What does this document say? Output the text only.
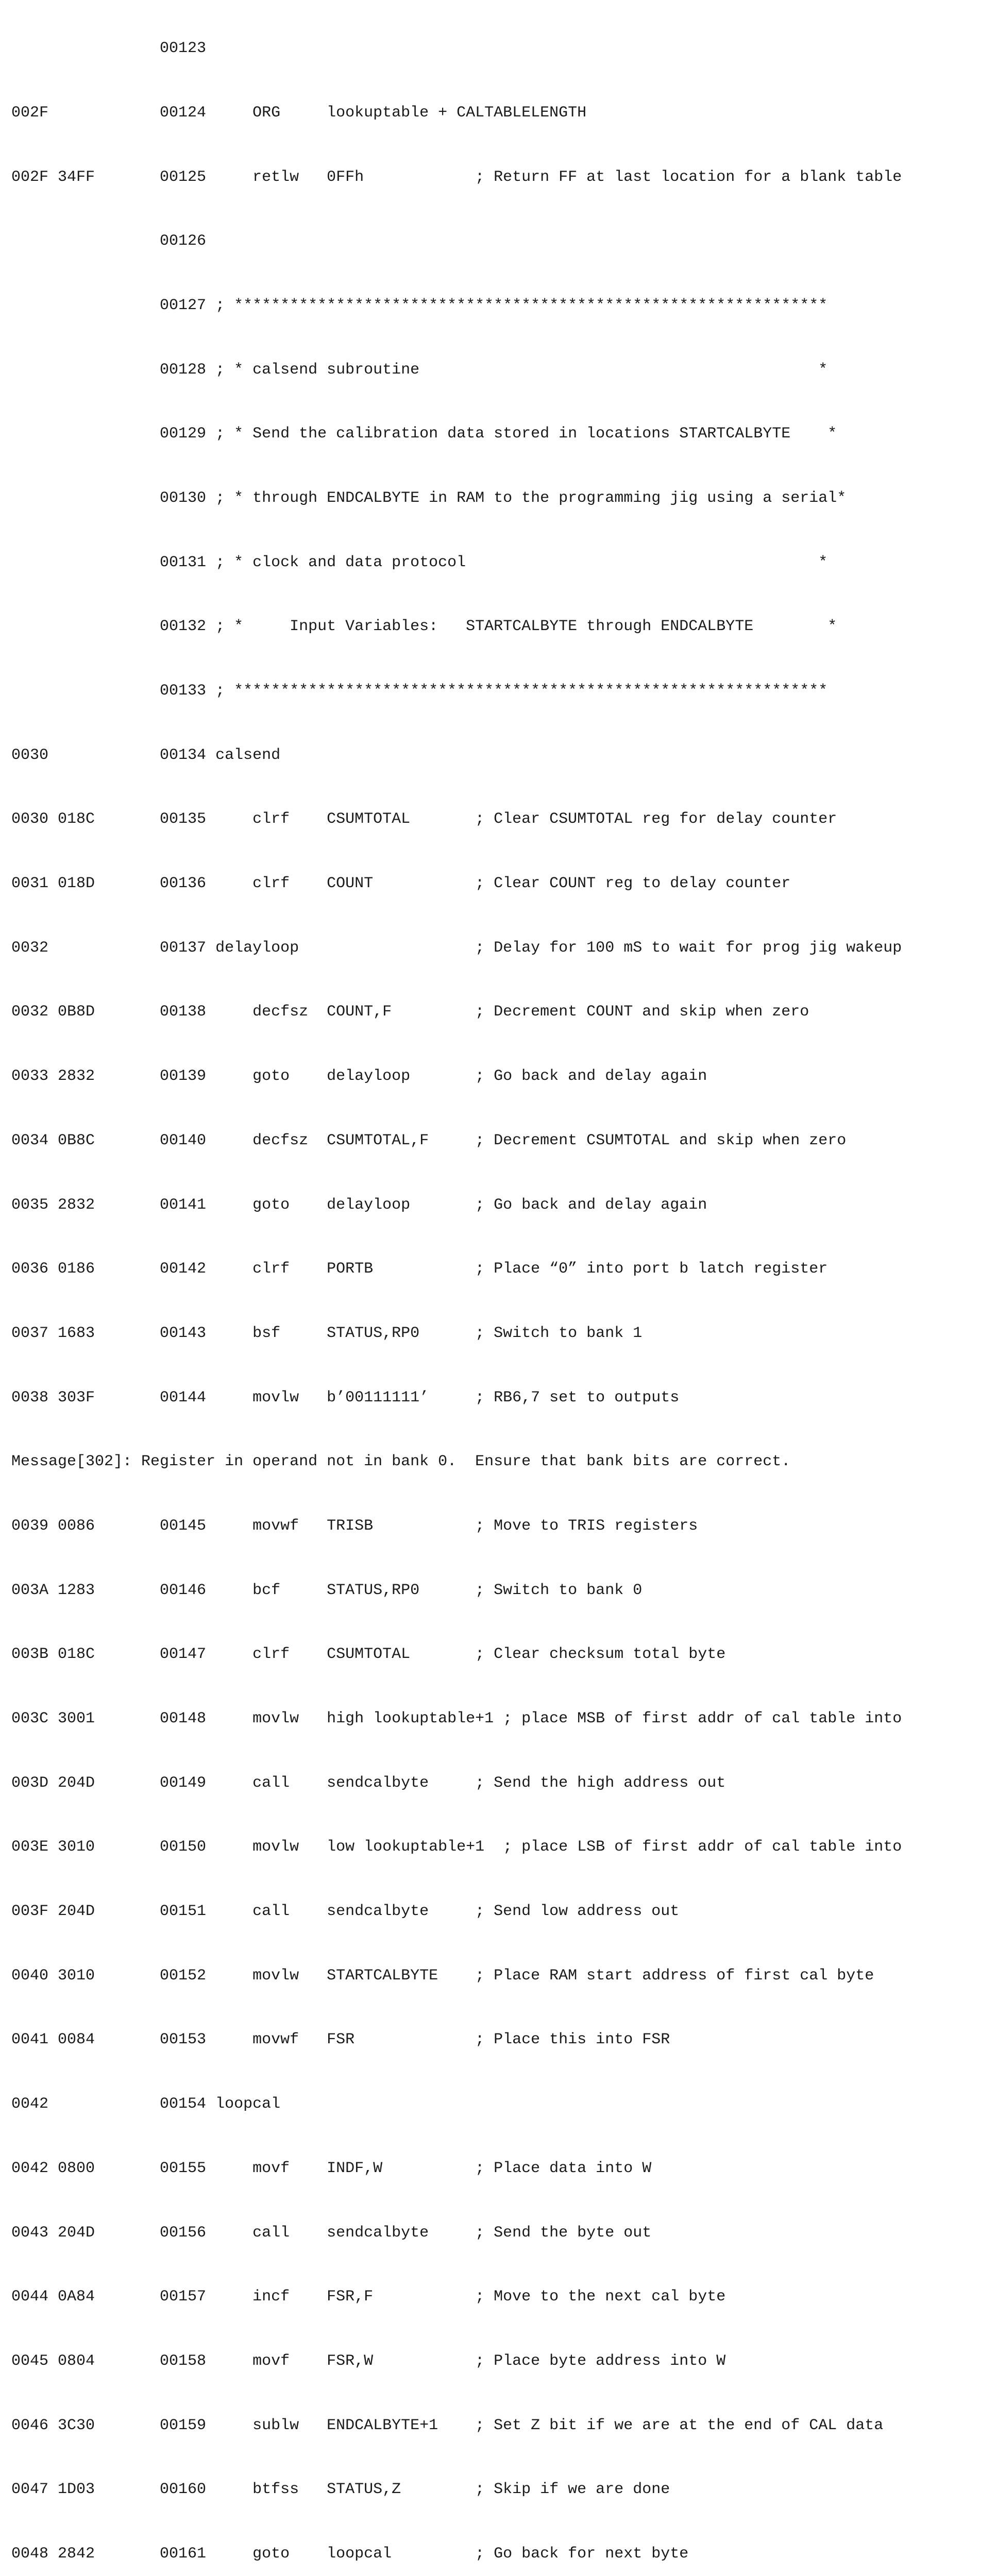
00123

002F            00124     ORG     lookuptable + CALTABLELENGTH

002F 34FF       00125     retlw   0FFh            ; Return FF at last location for a blank table

00126

00127 ; ****************************************************************

00128 ; * calsend subroutine                                           *

00129 ; * Send the calibration data stored in locations STARTCALBYTE    *

00130 ; * through ENDCALBYTE in RAM to the programming jig using a serial*

00131 ; * clock and data protocol                                      *

00132 ; *     Input Variables:   STARTCALBYTE through ENDCALBYTE        *

00133 ; ****************************************************************

0030            00134 calsend

0030 018C       00135     clrf    CSUMTOTAL       ; Clear CSUMTOTAL reg for delay counter

0031 018D       00136     clrf    COUNT           ; Clear COUNT reg to delay counter

0032            00137 delayloop                   ; Delay for 100 mS to wait for prog jig wakeup

0032 0B8D       00138     decfsz  COUNT,F         ; Decrement COUNT and skip when zero

0033 2832       00139     goto    delayloop       ; Go back and delay again

0034 0B8C       00140     decfsz  CSUMTOTAL,F     ; Decrement CSUMTOTAL and skip when zero

0035 2832       00141     goto    delayloop       ; Go back and delay again

0036 0186       00142     clrf    PORTB           ; Place “0” into port b latch register

0037 1683       00143     bsf     STATUS,RP0      ; Switch to bank 1

0038 303F       00144     movlw   b’00111111’     ; RB6,7 set to outputs

Message[302]: Register in operand not in bank 0.  Ensure that bank bits are correct.

0039 0086       00145     movwf   TRISB           ; Move to TRIS registers

003A 1283       00146     bcf     STATUS,RP0      ; Switch to bank 0

003B 018C       00147     clrf    CSUMTOTAL       ; Clear checksum total byte

003C 3001       00148     movlw   high lookuptable+1 ; place MSB of first addr of cal table into

003D 204D       00149     call    sendcalbyte     ; Send the high address out

003E 3010       00150     movlw   low lookuptable+1  ; place LSB of first addr of cal table into

003F 204D       00151     call    sendcalbyte     ; Send low address out

0040 3010       00152     movlw   STARTCALBYTE    ; Place RAM start address of first cal byte

0041 0084       00153     movwf   FSR             ; Place this into FSR

0042            00154 loopcal

0042 0800       00155     movf    INDF,W          ; Place data into W

0043 204D       00156     call    sendcalbyte     ; Send the byte out

0044 0A84       00157     incf    FSR,F           ; Move to the next cal byte

0045 0804       00158     movf    FSR,W           ; Place byte address into W

0046 3C30       00159     sublw   ENDCALBYTE+1    ; Set Z bit if we are at the end of CAL data

0047 1D03       00160     btfss   STATUS,Z        ; Skip if we are done

0048 2842       00161     goto    loopcal         ; Go back for next byte
